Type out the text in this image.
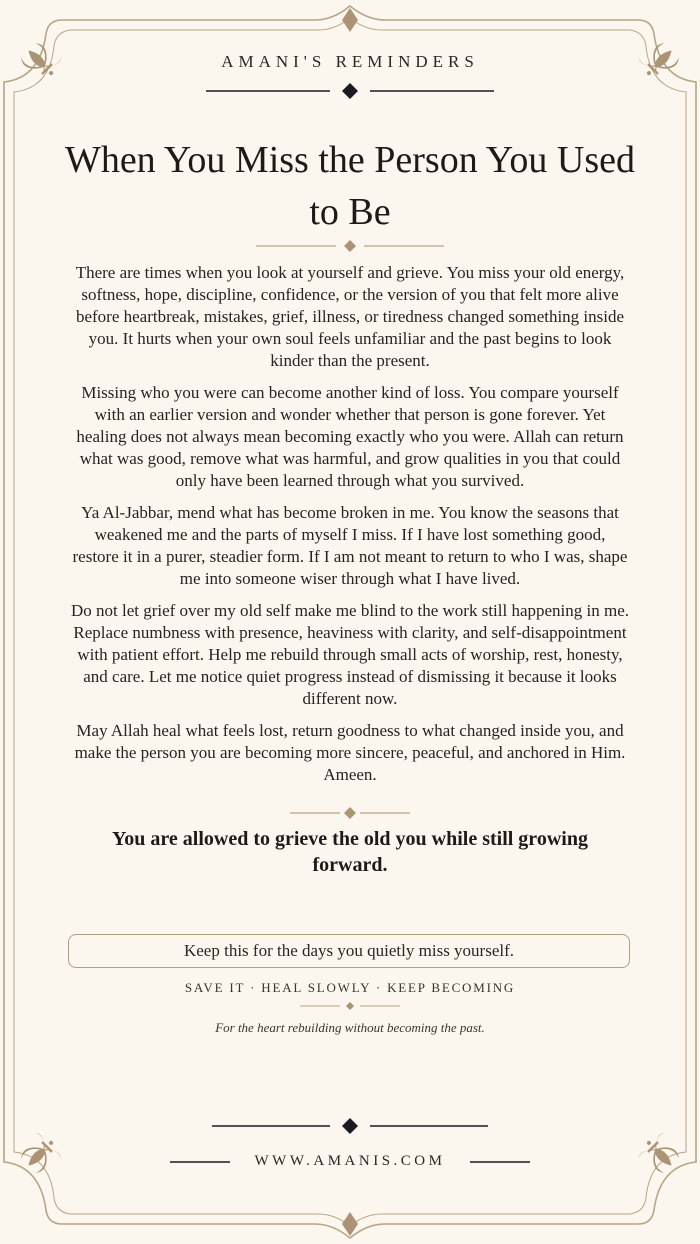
AMANI'S REMINDERS
When You Miss the Person You Used to Be

There are times when you look at yourself and grieve. You miss your old energy, softness, hope, discipline, confidence, or the version of you that felt more alive before heartbreak, mistakes, grief, illness, or tiredness changed something inside you. It hurts when your own soul feels unfamiliar and the past begins to look kinder than the present.

Missing who you were can become another kind of loss. You compare yourself with an earlier version and wonder whether that person is gone forever. Yet healing does not always mean becoming exactly who you were. Allah can return what was good, remove what was harmful, and grow qualities in you that could only have been learned through what you survived.

Ya Al-Jabbar, mend what has become broken in me. You know the seasons that weakened me and the parts of myself I miss. If I have lost something good, restore it in a purer, steadier form. If I am not meant to return to who I was, shape me into someone wiser through what I have lived.

Do not let grief over my old self make me blind to the work still happening in me. Replace numbness with presence, heaviness with clarity, and self-disappointment with patient effort. Help me rebuild through small acts of worship, rest, honesty, and care. Let me notice quiet progress instead of dismissing it because it looks different now.

May Allah heal what feels lost, return goodness to what changed inside you, and make the person you are becoming more sincere, peaceful, and anchored in Him. Ameen.

You are allowed to grieve the old you while still growing forward.

Keep this for the days you quietly miss yourself.
SAVE IT · HEAL SLOWLY · KEEP BECOMING
For the heart rebuilding without becoming the past.
WWW.AMANIS.COM
